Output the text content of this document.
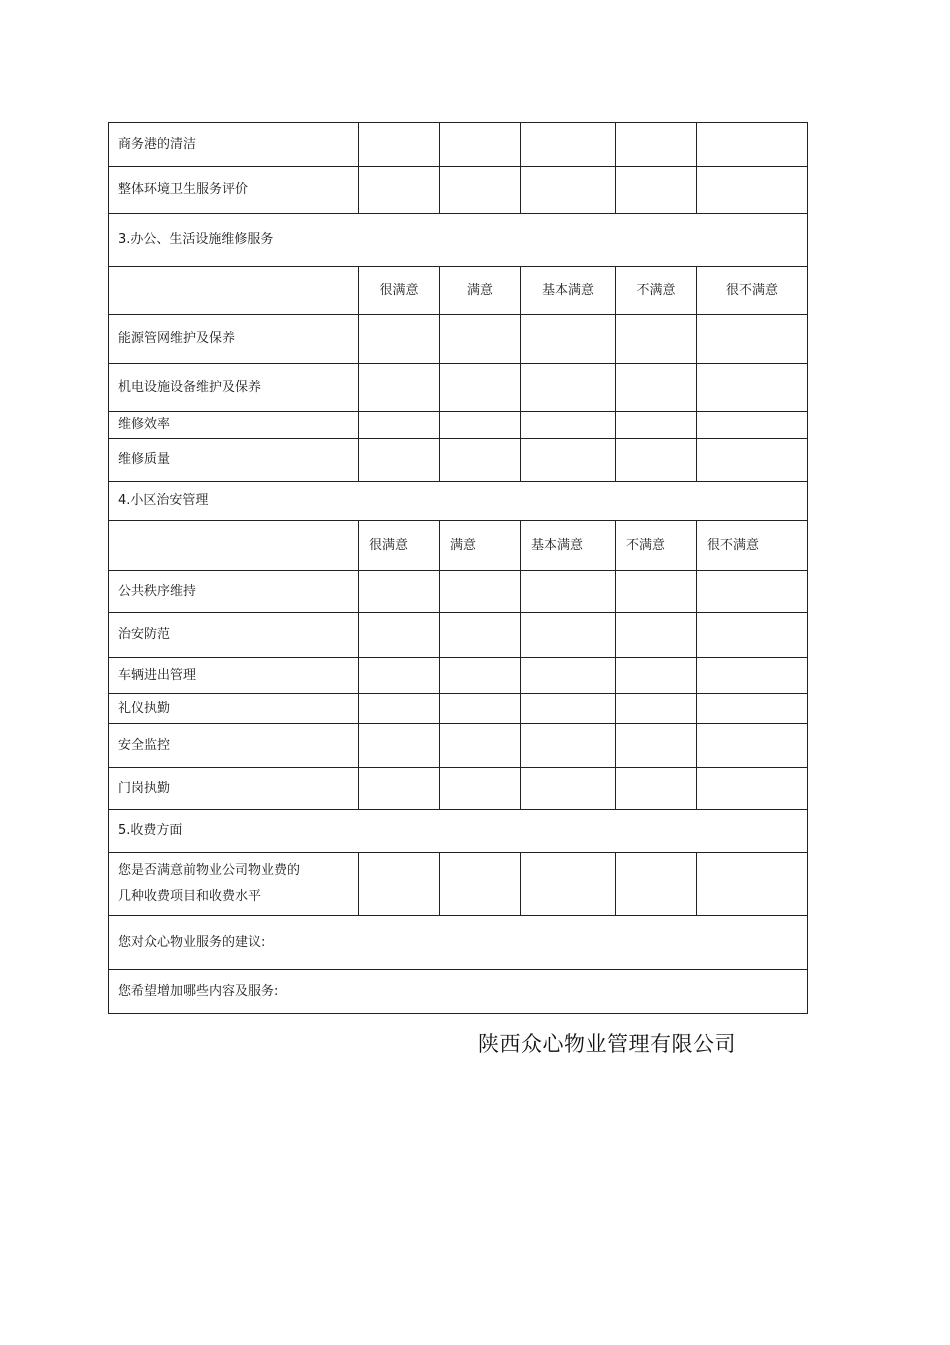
商务港的清洁					
整体环境卫生服务评价					
3.办公、生活设施维修服务					
	很满意	满意	基本满意	不满意	很不满意
能源管网维护及保养					
机电设施设备维护及保养					
维修效率					
维修质量					
4.小区治安管理					
	很满意	满意	基本满意	不满意	很不满意
公共秩序维持					
治安防范					
车辆进出管理					
礼仪执勤					
安全监控					
门岗执勤					
5.收费方面					

您是否满意前物业公司物业费的
几种收费项目和收费水平					

您对众心物业服务的建议:					
您希望增加哪些内容及服务:					
陕西众心物业管理有限公司
